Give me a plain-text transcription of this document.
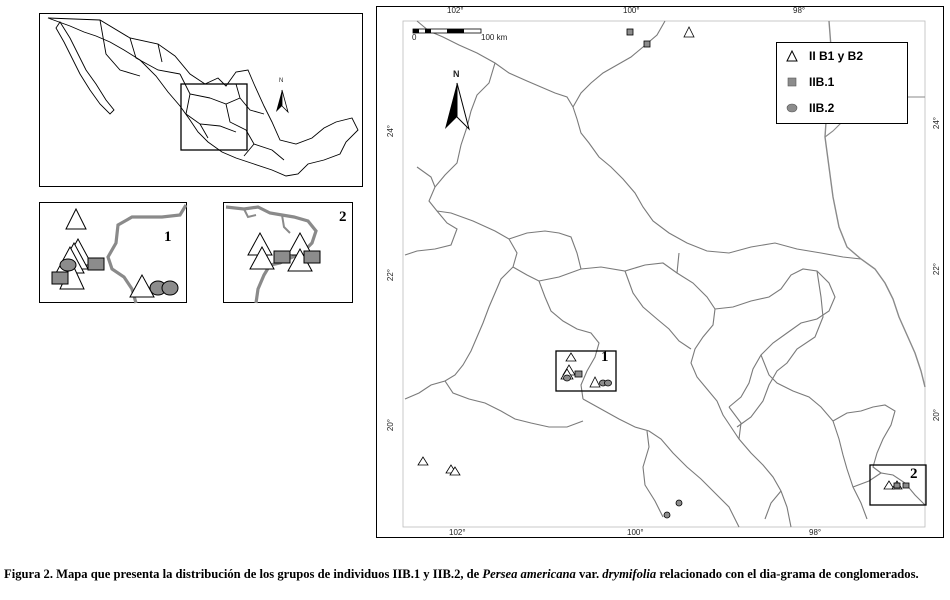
N
1
2
102°	100°	98°
102°	100°	98°
24°
22°
20°
24°
22°
20°
0	100 km
N
1
2
II B1 y B2
IIB.1
IIB.2
Figura 2. Mapa que presenta la distribución de los grupos de individuos IIB.1 y IIB.2, de Persea americana var. drymifolia relacionado con el dia-grama de conglomerados.
